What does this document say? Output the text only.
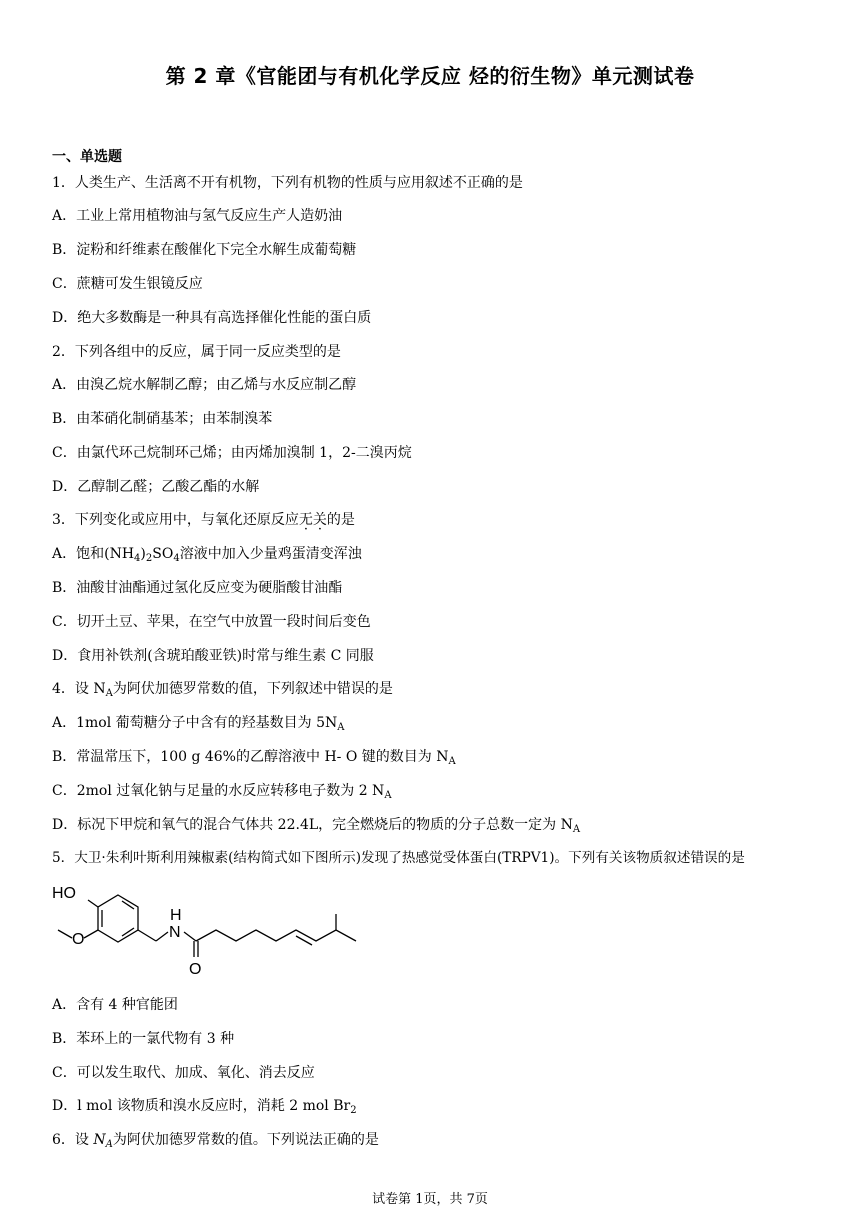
第 2 章《官能团与有机化学反应 烃的衍生物》单元测试卷
一、单选题
1．人类生产、生活离不开有机物，下列有机物的性质与应用叙述不正确的是
A．工业上常用植物油与氢气反应生产人造奶油
B．淀粉和纤维素在酸催化下完全水解生成葡萄糖
C．蔗糖可发生银镜反应
D．绝大多数酶是一种具有高选择催化性能的蛋白质
2．下列各组中的反应，属于同一反应类型的是
A．由溴乙烷水解制乙醇；由乙烯与水反应制乙醇
B．由苯硝化制硝基苯；由苯制溴苯
C．由氯代环己烷制环己烯；由丙烯加溴制 1，2-二溴丙烷
D．乙醇制乙醛；乙酸乙酯的水解
3．下列变化或应用中，与氧化还原反应无关的是
A．饱和$(NH_4)_2SO_4$溶液中加入少量鸡蛋清变浑浊
B．油酸甘油酯通过氢化反应变为硬脂酸甘油酯
C．切开土豆、苹果，在空气中放置一段时间后变色
D．食用补铁剂(含琥珀酸亚铁)时常与维生素 C 同服
4．设 $N_A$为阿伏加德罗常数的值，下列叙述中错误的是
A．1mol 葡萄糖分子中含有的羟基数目为 $5N_A$
B．常温常压下，100 g 46%的乙醇溶液中 H- O 键的数目为 $N_A$
C．2mol 过氧化钠与足量的水反应转移电子数为 2 $N_A$
D．标况下甲烷和氧气的混合气体共 22.4L，完全燃烧后的物质的分子总数一定为 $N_A$
5．大卫·朱利叶斯利用辣椒素(结构简式如下图所示)发现了热感觉受体蛋白(TRPV1)。下列有关该物质叙述错误的是
HO
O
H
N
O
A．含有 4 种官能团
B．苯环上的一氯代物有 3 种
C．可以发生取代、加成、氧化、消去反应
D．l mol 该物质和溴水反应时，消耗 2 mol $Br_2$
6．设 $N_A$为阿伏加德罗常数的值。下列说法正确的是
试卷第 1页，共 7页
